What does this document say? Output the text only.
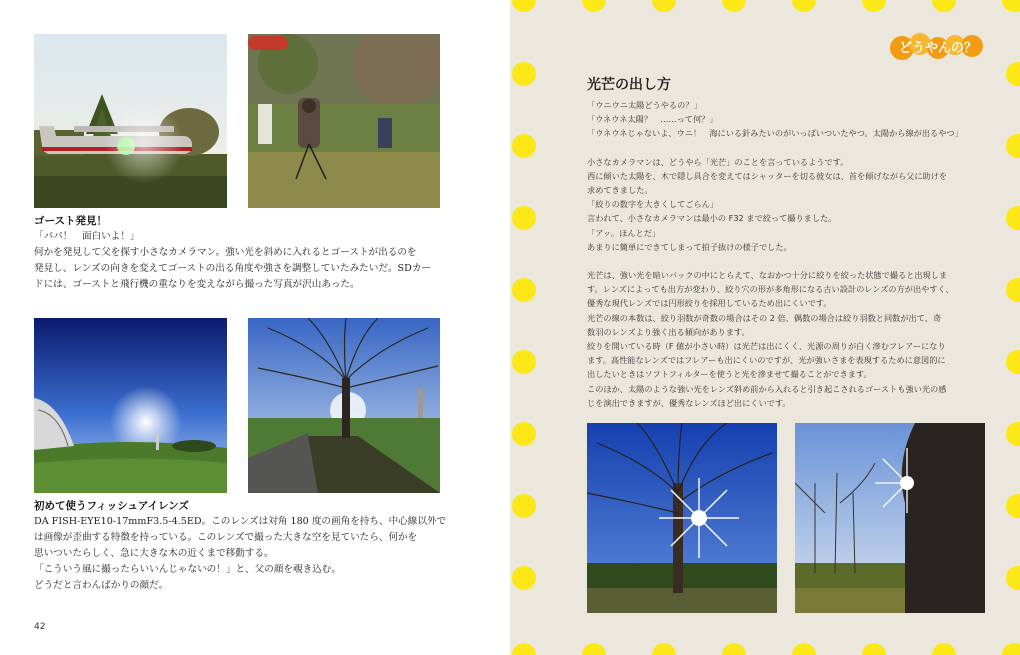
ゴースト発見！

「パパ！　面白いよ！」

何かを発見して父を探す小さなカメラマン。強い光を斜めに入れるとゴーストが出るのを

発見し、レンズの向きを変えてゴーストの出る角度や強さを調整していたみたいだ。SDカー

ドには、ゴーストと飛行機の重なりを変えながら撮った写真が沢山あった。

初めて使うフィッシュアイレンズ

DA FISH-EYE10-17mmF3.5-4.5ED。このレンズは対角 180 度の画角を持ち、中心線以外で

は画像が歪曲する特徴を持っている。このレンズで撮った大きな空を見ていたら、何かを

思いついたらしく、急に大きな木の近くまで移動する。

「こういう風に撮ったらいいんじゃないの！」と、父の顔を覗き込む。

どうだと言わんばかりの顔だ。

42
どうやんの？
光芒の出し方

「ウニウニ太陽どうやるの？」

「ウネウネ太陽？　……って何？」

「ウネウネじゃないよ、ウニ！　海にいる針みたいのがいっぱいついたやつ。太陽から線が出るやつ」

小さなカメラマンは、どうやら「光芒」のことを言っているようです。

西に傾いた太陽を、木で隠し具合を変えてはシャッターを切る彼女は、首を傾げながら父に助けを

求めてきました。

「絞りの数字を大きくしてごらん」

言われて、小さなカメラマンは最小の F32 まで絞って撮りました。

「アッ。ほんとだ」

あまりに簡単にできてしまって拍子抜けの様子でした。

光芒は、強い光を暗いバックの中にとらえて、なおかつ十分に絞りを絞った状態で撮ると出現しま

す。レンズによっても出方が変わり、絞り穴の形が多角形になる古い設計のレンズの方が出やすく、

優秀な現代レンズでは円形絞りを採用しているため出にくいです。

光芒の線の本数は、絞り羽数が奇数の場合はその 2 倍、偶数の場合は絞り羽数と同数が出て、奇

数羽のレンズより強く出る傾向があります。

絞りを開いている時（F 値が小さい時）は光芒は出にくく、光源の周りが白く滲むフレアーになり

ます。高性能なレンズではフレアーも出にくいのですが、光が強いさまを表現するために意図的に

出したいときはソフトフィルターを使うと光を滲ませて撮ることができます。

このほか、太陽のような強い光をレンズ斜め前から入れると引き起こされるゴーストも強い光の感

じを演出できますが、優秀なレンズほど出にくいです。
